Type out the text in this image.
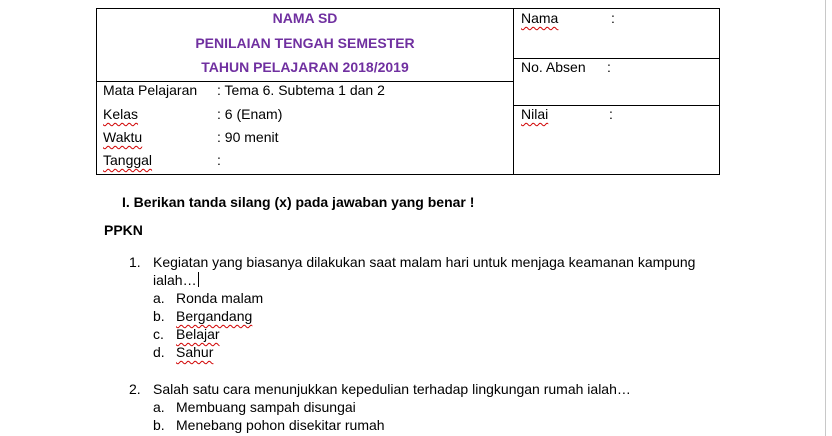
NAMA SD
PENILAIAN TENGAH SEMESTER
TAHUN PELAJARAN 2018/2019
Mata Pelajaran : Tema 6. Subtema 1 dan 2
Kelas	: 6 (Enam)
Waktu	: 90 menit
Tanggal	:
Nama	:
No. Absen :
Nilai	:
I. Berikan tanda silang (x) pada jawaban yang benar !
PPKN
1. Kegiatan yang biasanya dilakukan saat malam hari untuk menjaga keamanan kampung
ialah…
a. Ronda malam
b. Bergandang
c. Belajar
d. Sahur
2. Salah satu cara menunjukkan kepedulian terhadap lingkungan rumah ialah…
a. Membuang sampah disungai
b. Menebang pohon disekitar rumah
